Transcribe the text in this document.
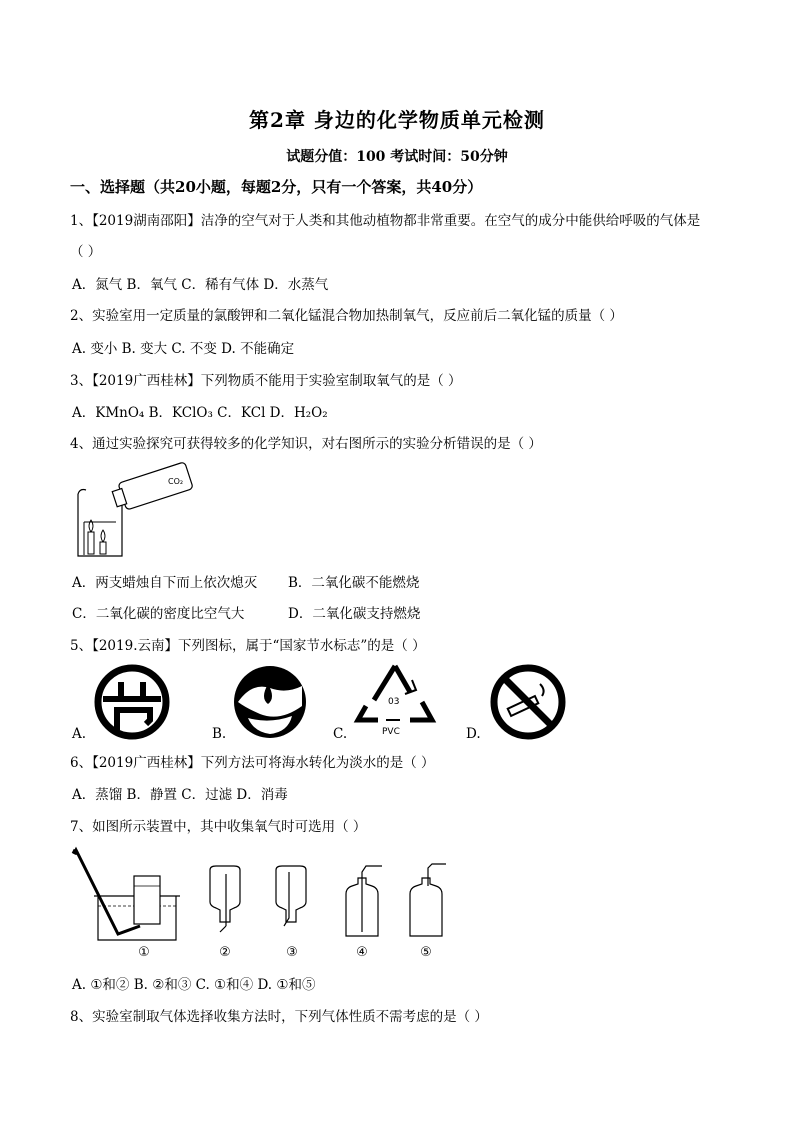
第2章 身边的化学物质单元检测
试题分值：100 考试时间：50分钟
一、选择题（共20小题，每题2分，只有一个答案，共40分）
1、【2019湖南邵阳】洁净的空气对于人类和其他动植物都非常重要。在空气的成分中能供给呼吸的气体是
（ ）
A．氮气 B．氧气 C．稀有气体 D．水蒸气
2、实验室用一定质量的氯酸钾和二氧化锰混合物加热制氧气，反应前后二氧化锰的质量（ ）
A. 变小 B. 变大 C. 不变 D. 不能确定
3、【2019广西桂林】下列物质不能用于实验室制取氧气的是（ ）
A．KMnO₄ B．KClO₃ C．KCl D．H₂O₂
4、通过实验探究可获得较多的化学知识，对右图所示的实验分析错误的是（ ）
CO₂
A．两支蜡烛自下而上依次熄灭 B．二氧化碳不能燃烧
C．二氧化碳的密度比空气大	D．二氧化碳支持燃烧
5、【2019.云南】下列图标，属于“国家节水标志”的是（ ）
A.	B.	C.
03
PVC	D.
6、【2019广西桂林】下列方法可将海水转化为淡水的是（ ）
A．蒸馏 B．静置 C．过滤 D．消毒
7、如图所示装置中，其中收集氧气时可选用（ ）
①	②	③	④	⑤
A. ①和② B. ②和③ C. ①和④ D. ①和⑤
8、实验室制取气体选择收集方法时，下列气体性质不需考虑的是（ ）
